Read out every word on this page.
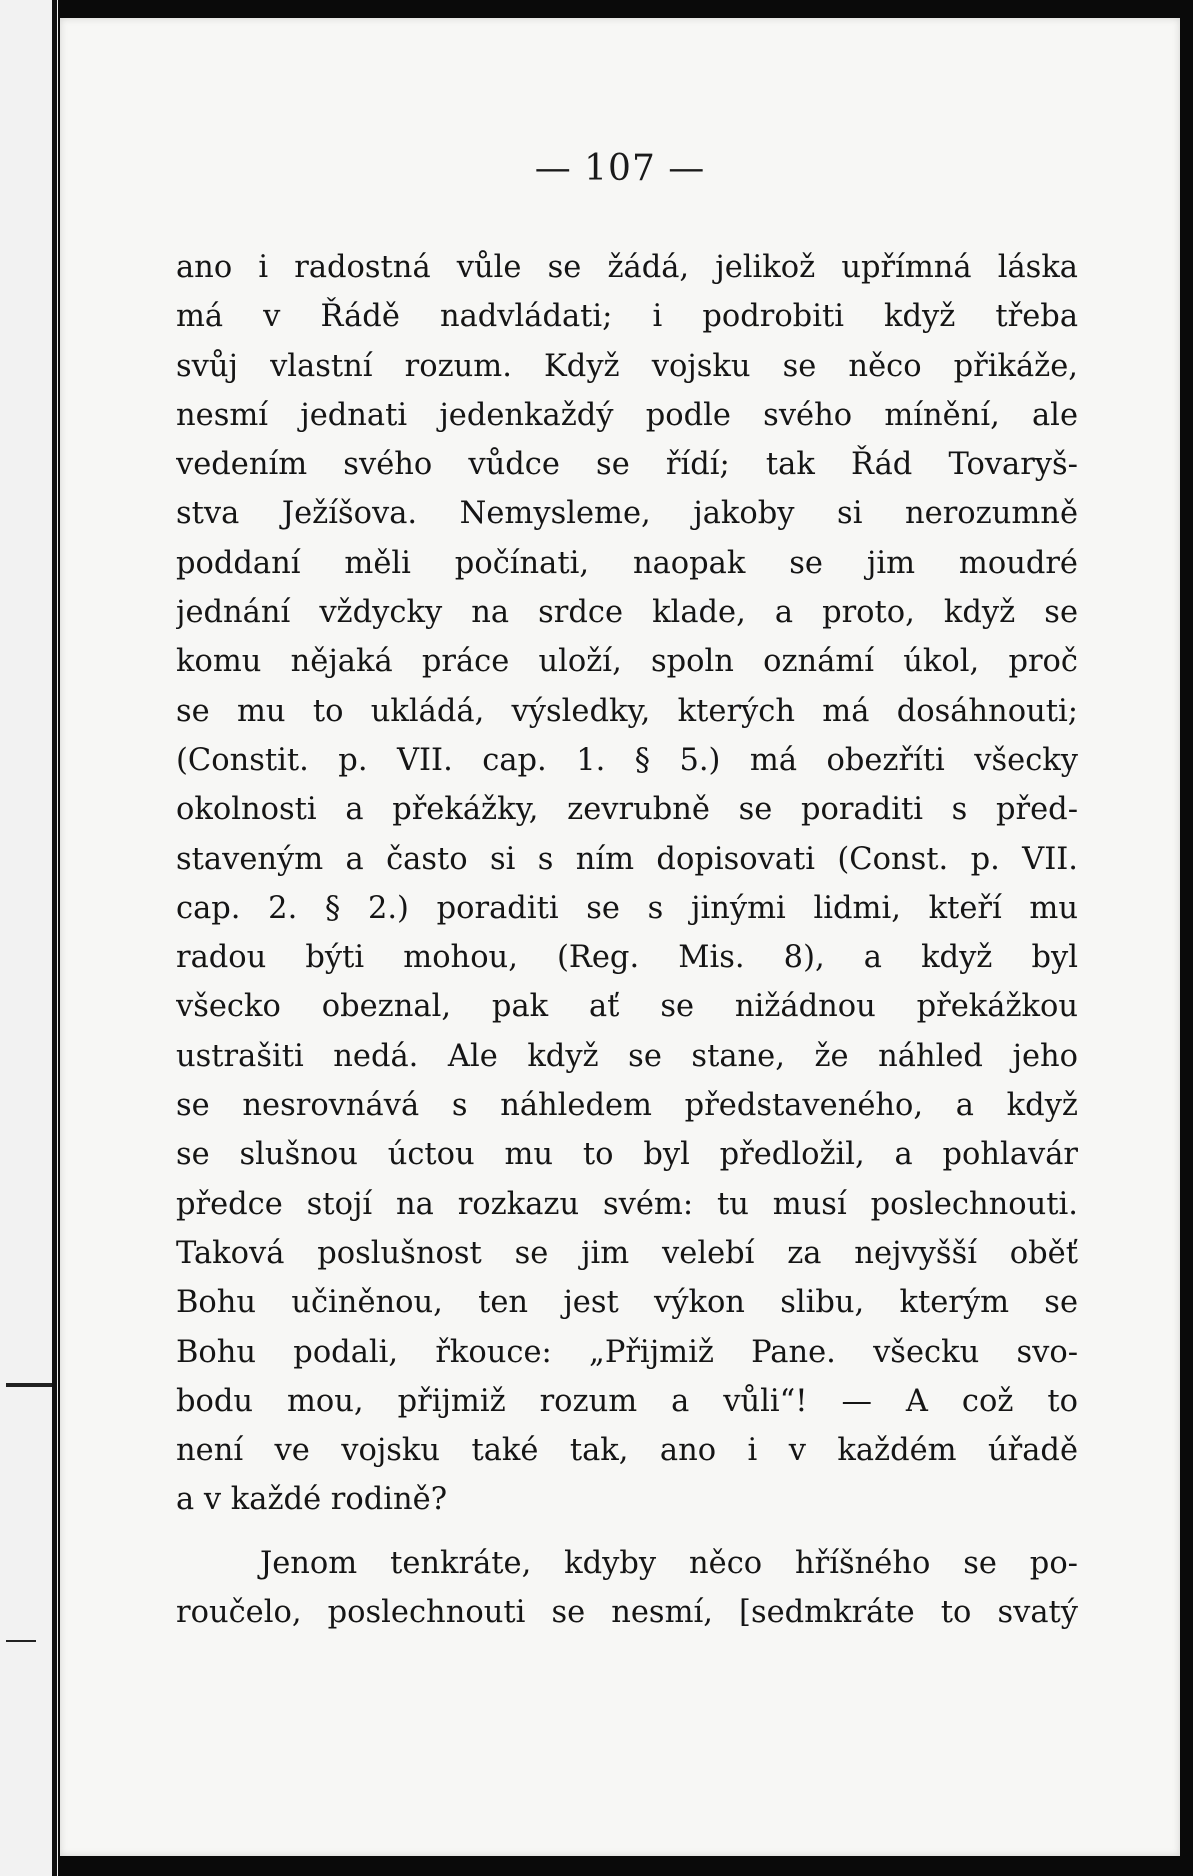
— 107 —
ano i radostná vůle se žádá, jelikož upřímná láska
má v Řádě nadvládati; i podrobiti když třeba
svůj vlastní rozum. Když vojsku se něco přikáže,
nesmí jednati jedenkaždý podle svého mínění, ale
vedením svého vůdce se řídí; tak Řád Tovaryš-
stva Ježíšova. Nemysleme, jakoby si nerozumně
poddaní měli počínati, naopak se jim moudré
jednání vždycky na srdce klade, a proto, když se
komu nějaká práce uloží, spoln oznámí úkol, proč
se mu to ukládá, výsledky, kterých má dosáhnouti;
(Constit. p. VII. cap. 1. § 5.) má obezříti všecky
okolnosti a překážky, zevrubně se poraditi s před-
staveným a často si s ním dopisovati (Const. p. VII.
cap. 2. § 2.) poraditi se s jinými lidmi, kteří mu
radou býti mohou, (Reg. Mis. 8), a když byl
všecko obeznal, pak ať se nižádnou překážkou
ustrašiti nedá. Ale když se stane, že náhled jeho
se nesrovnává s náhledem představeného, a když
se slušnou úctou mu to byl předložil, a pohlavár
předce stojí na rozkazu svém: tu musí poslechnouti.
Taková poslušnost se jim velebí za nejvyšší oběť
Bohu učiněnou, ten jest výkon slibu, kterým se
Bohu podali, řkouce: „Přijmiž Pane. všecku svo-
bodu mou, přijmiž rozum a vůli“! — A což to
není ve vojsku také tak, ano i v každém úřadě
a v každé rodině?
Jenom tenkráte, kdyby něco hříšného se po-
roučelo, poslechnouti se nesmí, [sedmkráte to svatý
